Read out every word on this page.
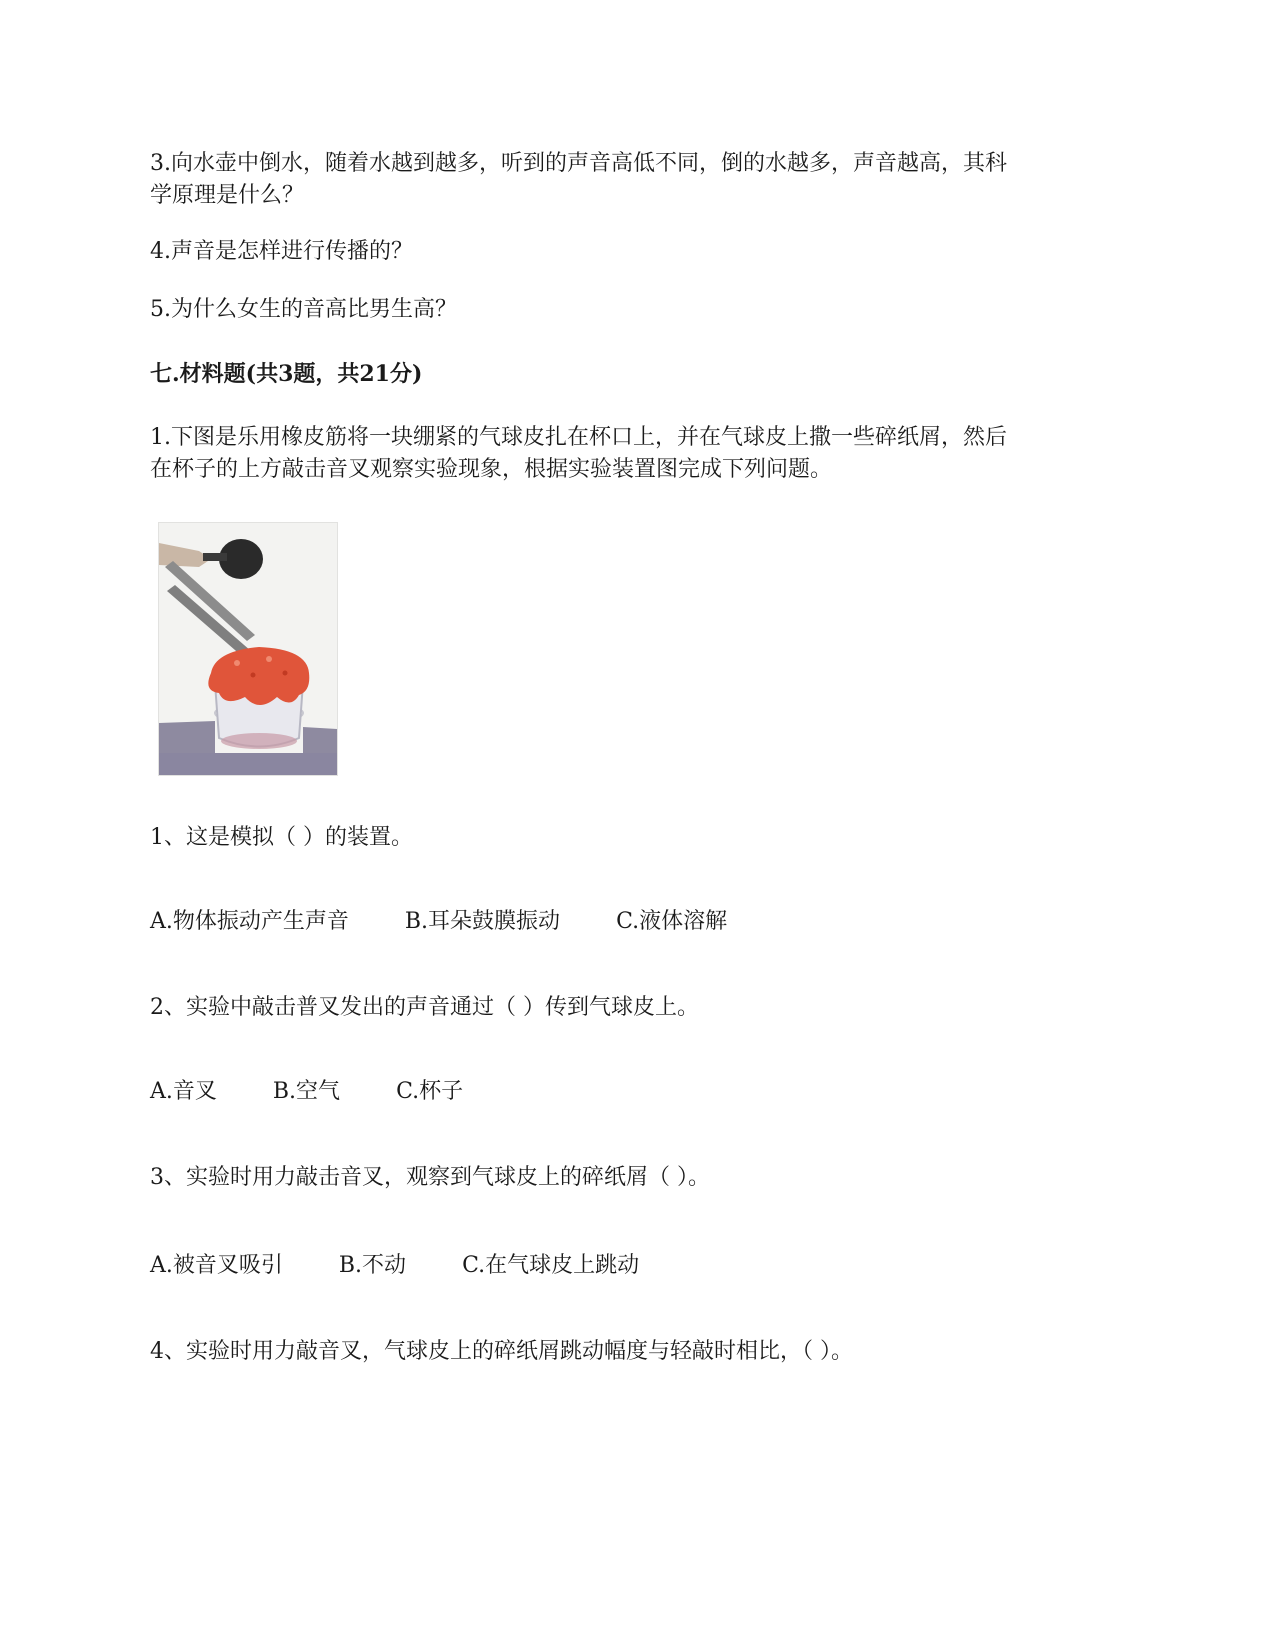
3.向水壶中倒水，随着水越到越多，听到的声音高低不同，倒的水越多，声音越高，其科

学原理是什么？

4.声音是怎样进行传播的？

5.为什么女生的音高比男生高？

七.材料题(共3题，共21分)

1.下图是乐用橡皮筋将一块绷紧的气球皮扎在杯口上，并在气球皮上撒一些碎纸屑，然后

在杯子的上方敲击音叉观察实验现象，根据实验装置图完成下列问题。

1、这是模拟（ ）的装置。

A.物体振动产生声音	B.耳朵鼓膜振动	C.液体溶解

2、实验中敲击普叉发出的声音通过（ ）传到气球皮上。

A.音叉	B.空气	C.杯子

3、实验时用力敲击音叉，观察到气球皮上的碎纸屑（ ）。

A.被音叉吸引	B.不动	C.在气球皮上跳动

4、实验时用力敲音叉，气球皮上的碎纸屑跳动幅度与轻敲时相比，（ ）。
